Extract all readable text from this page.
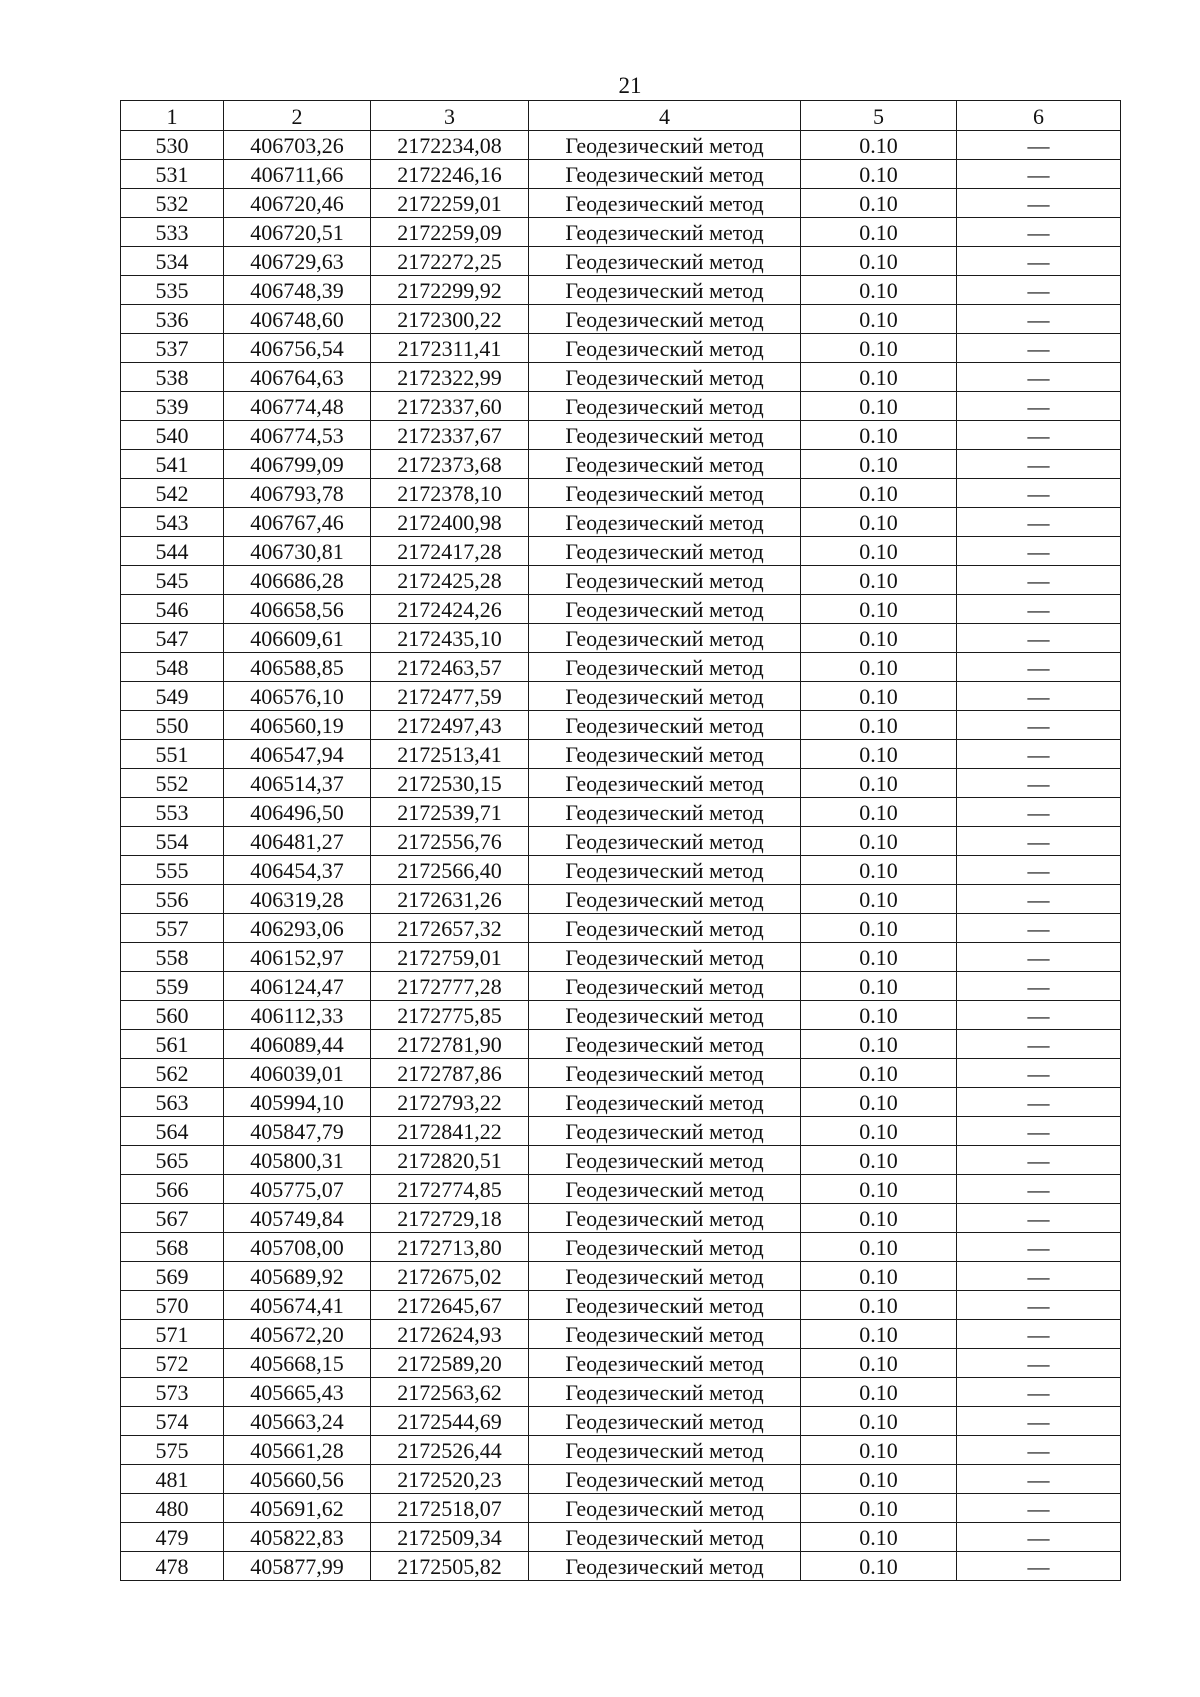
21
1	2	3	4	5	6
530	406703,26	2172234,08	Геодезический метод	0.10	—
531	406711,66	2172246,16	Геодезический метод	0.10	—
532	406720,46	2172259,01	Геодезический метод	0.10	—
533	406720,51	2172259,09	Геодезический метод	0.10	—
534	406729,63	2172272,25	Геодезический метод	0.10	—
535	406748,39	2172299,92	Геодезический метод	0.10	—
536	406748,60	2172300,22	Геодезический метод	0.10	—
537	406756,54	2172311,41	Геодезический метод	0.10	—
538	406764,63	2172322,99	Геодезический метод	0.10	—
539	406774,48	2172337,60	Геодезический метод	0.10	—
540	406774,53	2172337,67	Геодезический метод	0.10	—
541	406799,09	2172373,68	Геодезический метод	0.10	—
542	406793,78	2172378,10	Геодезический метод	0.10	—
543	406767,46	2172400,98	Геодезический метод	0.10	—
544	406730,81	2172417,28	Геодезический метод	0.10	—
545	406686,28	2172425,28	Геодезический метод	0.10	—
546	406658,56	2172424,26	Геодезический метод	0.10	—
547	406609,61	2172435,10	Геодезический метод	0.10	—
548	406588,85	2172463,57	Геодезический метод	0.10	—
549	406576,10	2172477,59	Геодезический метод	0.10	—
550	406560,19	2172497,43	Геодезический метод	0.10	—
551	406547,94	2172513,41	Геодезический метод	0.10	—
552	406514,37	2172530,15	Геодезический метод	0.10	—
553	406496,50	2172539,71	Геодезический метод	0.10	—
554	406481,27	2172556,76	Геодезический метод	0.10	—
555	406454,37	2172566,40	Геодезический метод	0.10	—
556	406319,28	2172631,26	Геодезический метод	0.10	—
557	406293,06	2172657,32	Геодезический метод	0.10	—
558	406152,97	2172759,01	Геодезический метод	0.10	—
559	406124,47	2172777,28	Геодезический метод	0.10	—
560	406112,33	2172775,85	Геодезический метод	0.10	—
561	406089,44	2172781,90	Геодезический метод	0.10	—
562	406039,01	2172787,86	Геодезический метод	0.10	—
563	405994,10	2172793,22	Геодезический метод	0.10	—
564	405847,79	2172841,22	Геодезический метод	0.10	—
565	405800,31	2172820,51	Геодезический метод	0.10	—
566	405775,07	2172774,85	Геодезический метод	0.10	—
567	405749,84	2172729,18	Геодезический метод	0.10	—
568	405708,00	2172713,80	Геодезический метод	0.10	—
569	405689,92	2172675,02	Геодезический метод	0.10	—
570	405674,41	2172645,67	Геодезический метод	0.10	—
571	405672,20	2172624,93	Геодезический метод	0.10	—
572	405668,15	2172589,20	Геодезический метод	0.10	—
573	405665,43	2172563,62	Геодезический метод	0.10	—
574	405663,24	2172544,69	Геодезический метод	0.10	—
575	405661,28	2172526,44	Геодезический метод	0.10	—
481	405660,56	2172520,23	Геодезический метод	0.10	—
480	405691,62	2172518,07	Геодезический метод	0.10	—
479	405822,83	2172509,34	Геодезический метод	0.10	—
478	405877,99	2172505,82	Геодезический метод	0.10	—
